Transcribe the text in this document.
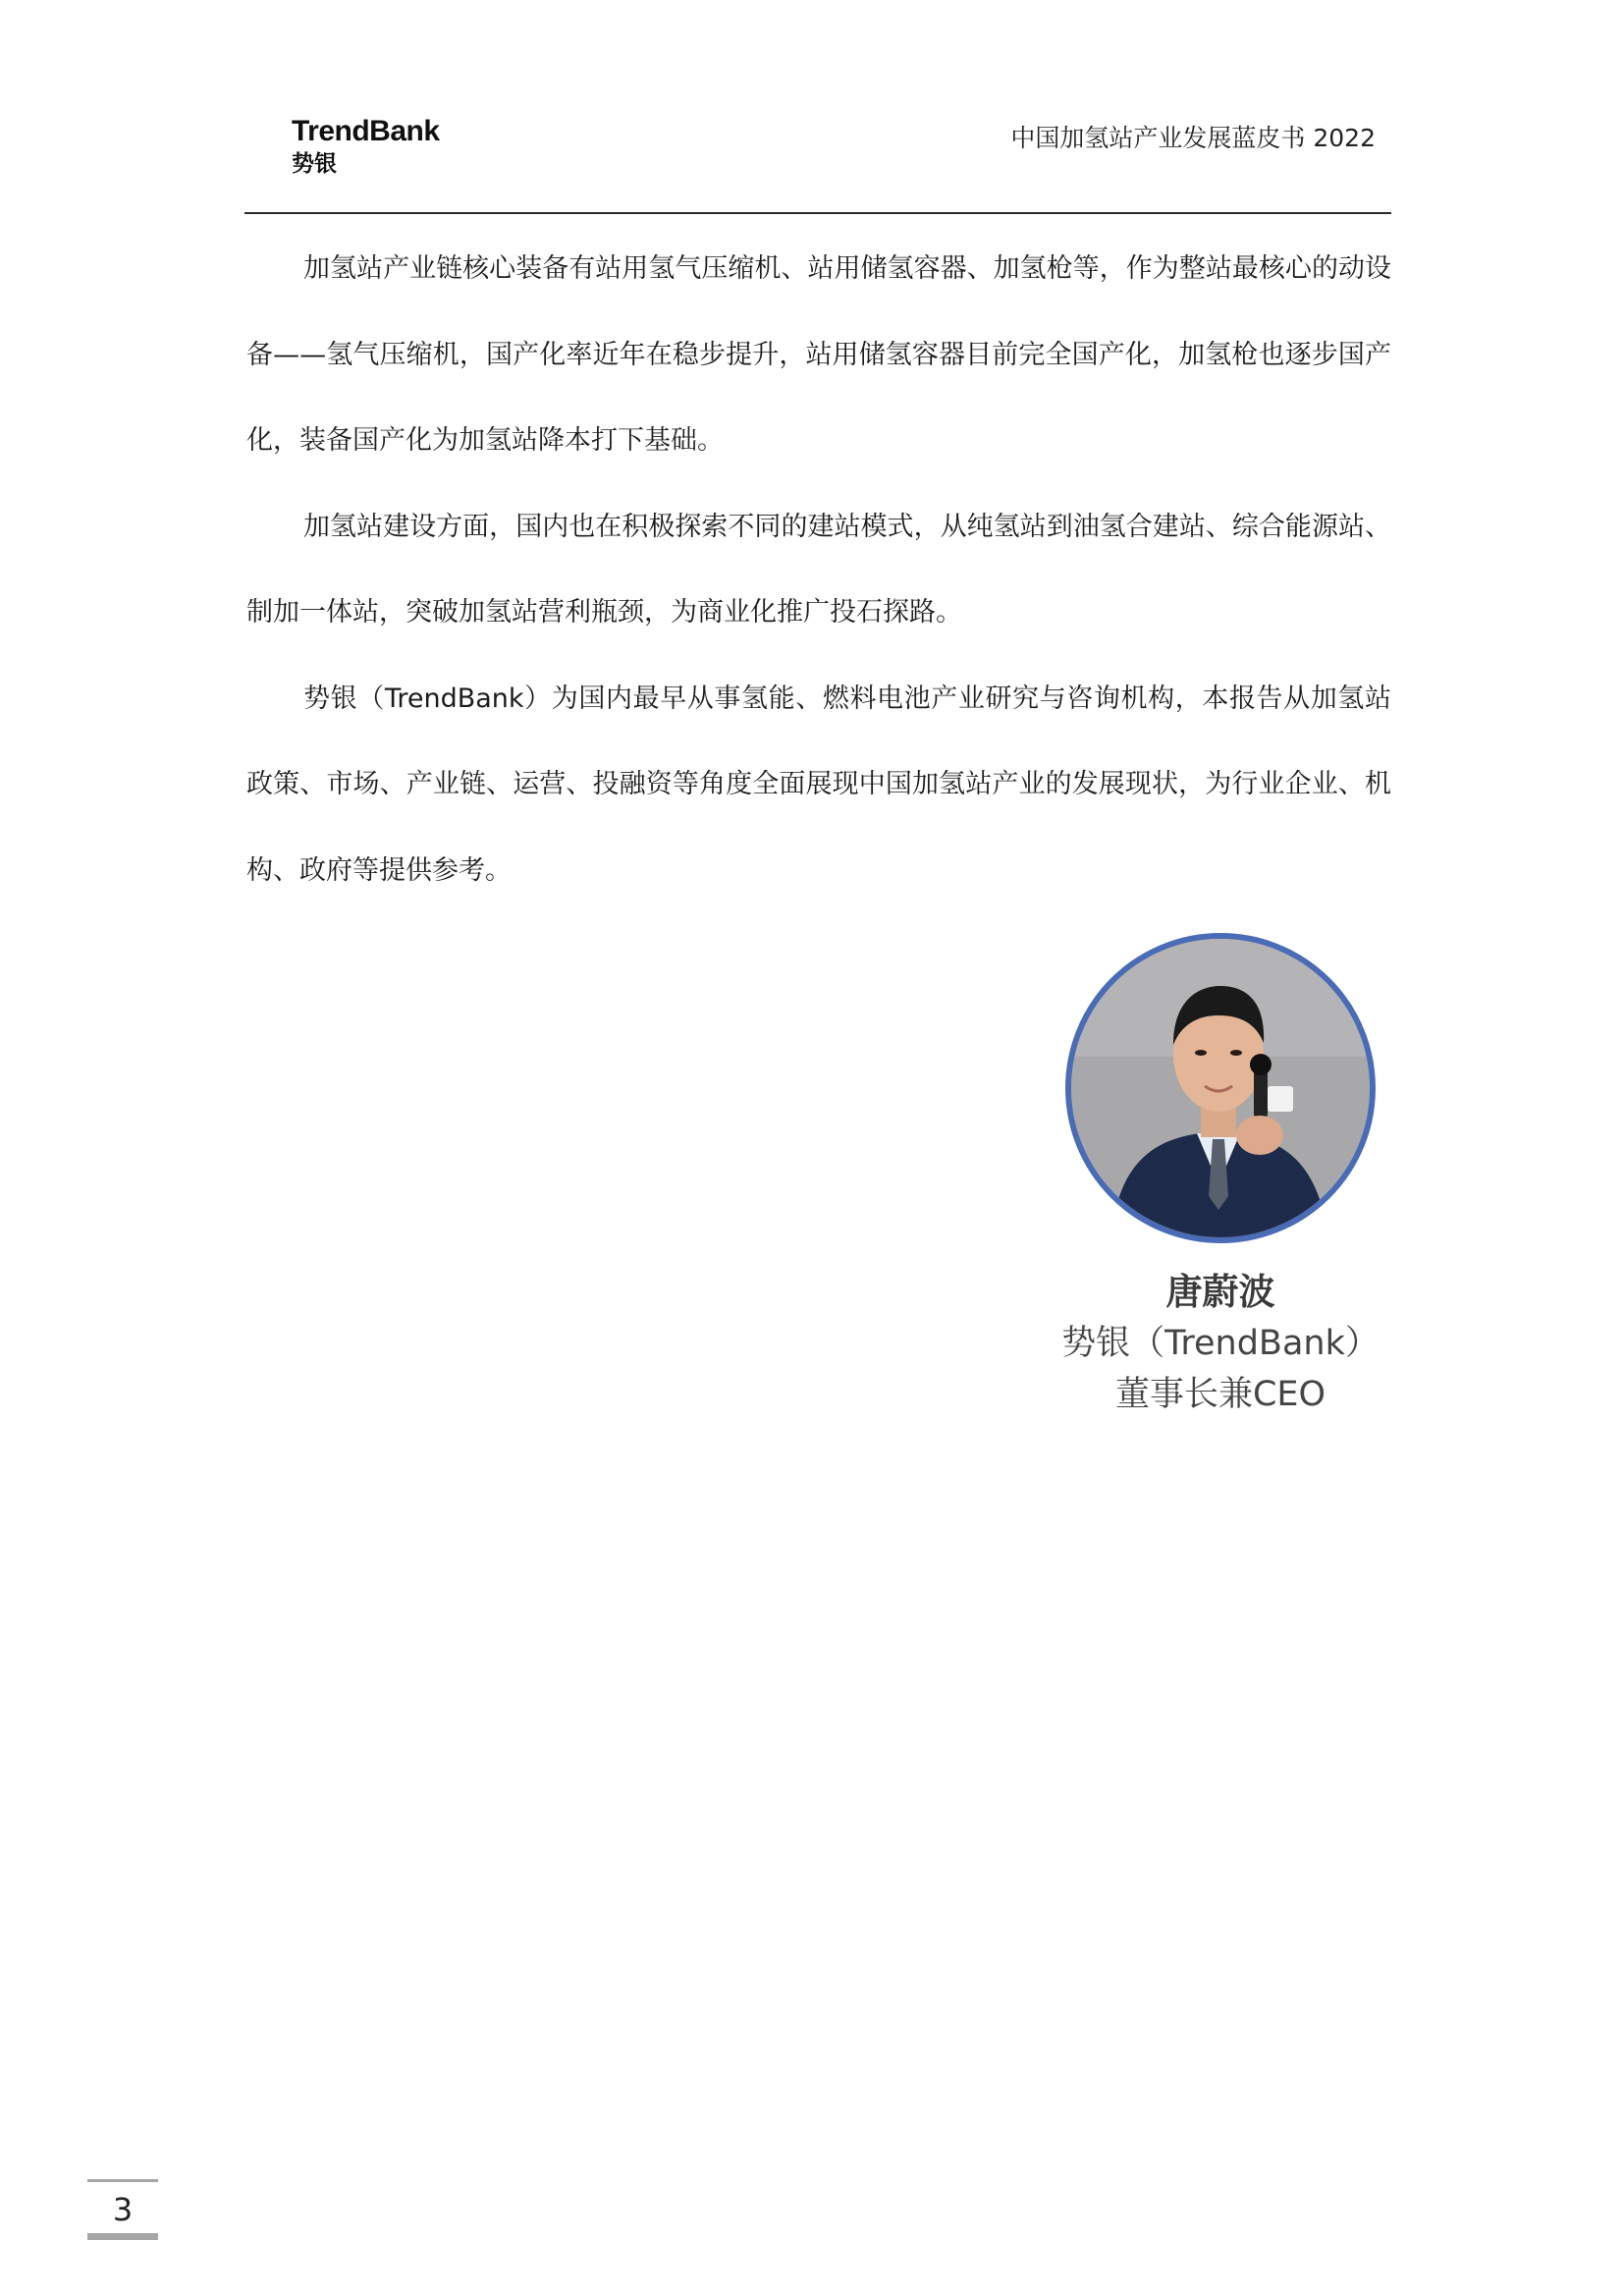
TrendBank
势银
中国加氢站产业发展蓝皮书 2022

加氢站产业链核心装备有站用氢气压缩机、站用储氢容器、加氢枪等，作为整站最核心的动设备——氢气压缩机，国产化率近年在稳步提升，站用储氢容器目前完全国产化，加氢枪也逐步国产化，装备国产化为加氢站降本打下基础。

加氢站建设方面，国内也在积极探索不同的建站模式，从纯氢站到油氢合建站、综合能源站、制加一体站，突破加氢站营利瓶颈，为商业化推广投石探路。

势银（TrendBank）为国内最早从事氢能、燃料电池产业研究与咨询机构，本报告从加氢站政策、市场、产业链、运营、投融资等角度全面展现中国加氢站产业的发展现状，为行业企业、机构、政府等提供参考。

唐蔚波
势银（TrendBank）
董事长兼CEO
3
